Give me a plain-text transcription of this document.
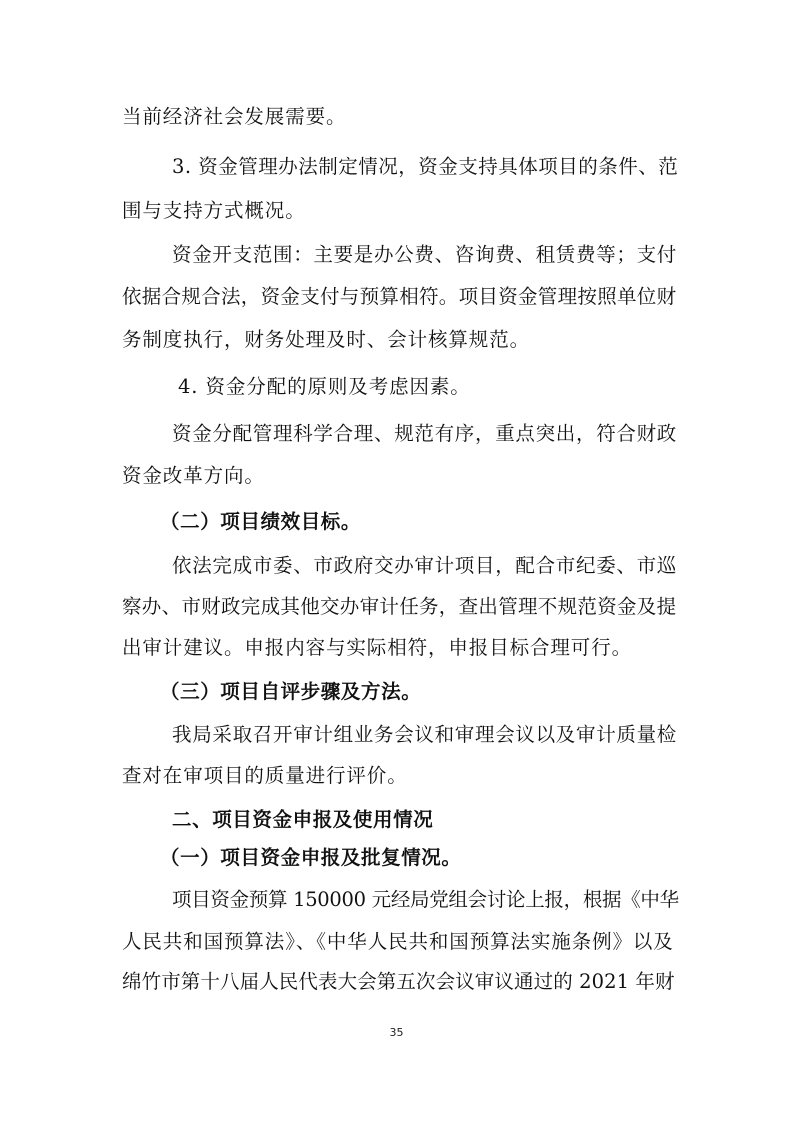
当前经济社会发展需要。
3. 资金管理办法制定情况，资金支持具体项目的条件、范
围与支持方式概况。
资金开支范围：主要是办公费、咨询费、租赁费等；支付
依据合规合法，资金支付与预算相符。项目资金管理按照单位财
务制度执行，财务处理及时、会计核算规范。
4. 资金分配的原则及考虑因素。
资金分配管理科学合理、规范有序，重点突出，符合财政
资金改革方向。
（二）项目绩效目标。
依法完成市委、市政府交办审计项目，配合市纪委、市巡
察办、市财政完成其他交办审计任务，查出管理不规范资金及提
出审计建议。申报内容与实际相符，申报目标合理可行。
（三）项目自评步骤及方法。
我局采取召开审计组业务会议和审理会议以及审计质量检
查对在审项目的质量进行评价。
二、项目资金申报及使用情况
（一）项目资金申报及批复情况。
项目资金预算 150000 元经局党组会讨论上报，根据《中华
人民共和国预算法》、《中华人民共和国预算法实施条例》以及
绵竹市第十八届人民代表大会第五次会议审议通过的 2021 年财
35
